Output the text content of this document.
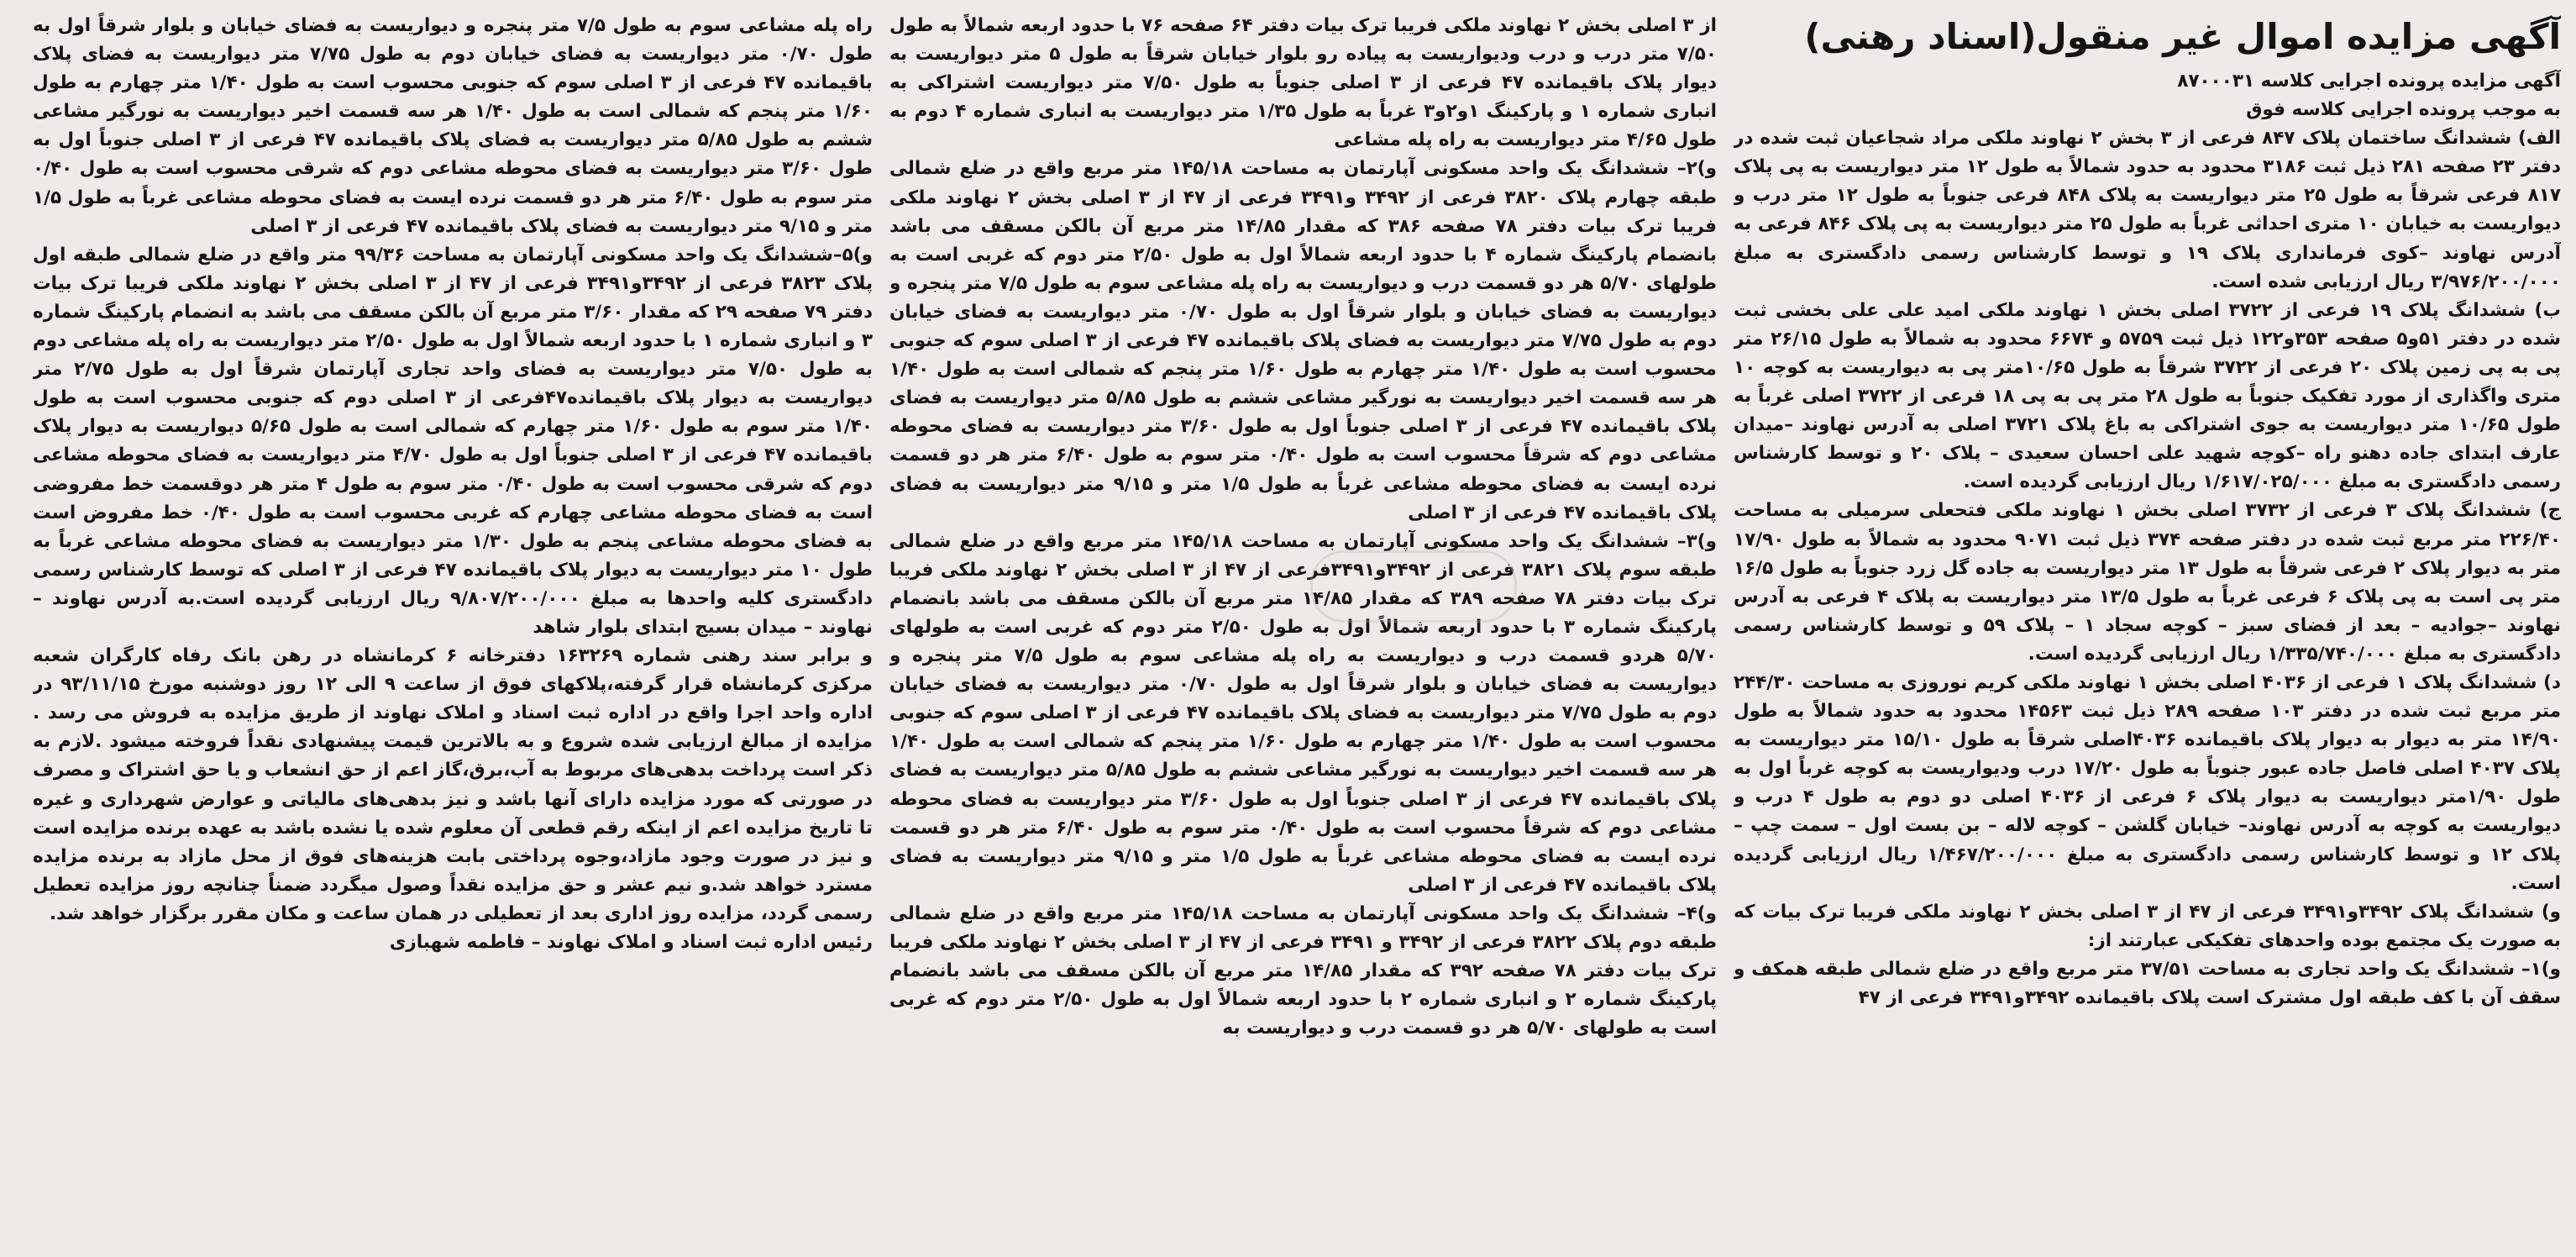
آگهی مزایده اموال غیر منقول(اسناد رهنی)

آگهی مزایده پرونده اجرایی کلاسه ۸۷۰۰۰۳۱

به موجب پرونده اجرایی کلاسه فوق

الف) ششدانگ ساختمان پلاک ۸۴۷ فرعی از ۳ بخش ۲ نهاوند ملکی مراد شجاعیان ثبت شده در دفتر ۲۳ صفحه ۲۸۱ ذیل ثبت ۳۱۸۶ محدود به حدود شمالاً به طول ۱۲ متر دیواریست به پی پلاک ۸۱۷ فرعی شرقاً به طول ۲۵ متر دیواریست به پلاک ۸۴۸ فرعی جنوباً به طول ۱۲ متر درب و دیواریست به خیابان ۱۰ متری احداثی غرباً به طول ۲۵ متر دیواریست به پی پلاک ۸۴۶ فرعی به آدرس نهاوند –کوی فرمانداری پلاک ۱۹ و توسط کارشناس رسمی دادگستری به مبلغ ۳/۹۷۶/۲۰۰/۰۰۰ ریال ارزیابی شده است.

ب) ششدانگ پلاک ۱۹ فرعی از ۳۷۲۲ اصلی بخش ۱ نهاوند ملکی امید علی علی بخشی ثبت شده در دفتر ۵۱و۵ صفحه ۳۵۳و۱۲۲ ذیل ثبت ۵۷۵۹ و ۶۶۷۴ محدود به شمالاً به طول ۲۶/۱۵ متر پی به پی زمین پلاک ۲۰ فرعی از ۳۷۲۲ شرقاً به طول ۱۰/۶۵متر پی به دیواریست به کوچه ۱۰ متری واگذاری از مورد تفکیک جنوباً به طول ۲۸ متر پی به پی ۱۸ فرعی از ۳۷۲۲ اصلی غرباً به طول ۱۰/۶۵ متر دیواریست به جوی اشتراکی به باغ پلاک ۳۷۲۱ اصلی به آدرس نهاوند –میدان عارف ابتدای جاده دهنو راه –کوچه شهید علی احسان سعیدی – پلاک ۲۰ و توسط کارشناس رسمی دادگستری به مبلغ ۱/۶۱۷/۰۲۵/۰۰۰ ریال ارزیابی گردیده است.

ج) ششدانگ پلاک ۳ فرعی از ۳۷۳۲ اصلی بخش ۱ نهاوند ملکی فتحعلی سرمیلی به مساحت ۲۲۶/۴۰ متر مربع ثبت شده در دفتر صفحه ۳۷۴ ذیل ثبت ۹۰۷۱ محدود به شمالاً به طول ۱۷/۹۰ متر به دیوار پلاک ۲ فرعی شرقاً به طول ۱۳ متر دیواریست به جاده گل زرد جنوباً به طول ۱۶/۵ متر پی است به پی پلاک ۶ فرعی غرباً به طول ۱۳/۵ متر دیواریست به پلاک ۴ فرعی به آدرس نهاوند –جوادیه – بعد از فضای سبز – کوچه سجاد ۱ – پلاک ۵۹ و توسط کارشناس رسمی دادگستری به مبلغ ۱/۳۳۵/۷۴۰/۰۰۰ ریال ارزیابی گردیده است.

د) ششدانگ پلاک ۱ فرعی از ۴۰۳۶ اصلی بخش ۱ نهاوند ملکی کریم نوروزی به مساحت ۲۴۴/۳۰ متر مربع ثبت شده در دفتر ۱۰۳ صفحه ۲۸۹ ذیل ثبت ۱۴۵۶۳ محدود به حدود شمالاً به طول ۱۴/۹۰ متر به دیوار به دیوار پلاک باقیمانده ۴۰۳۶اصلی شرقاً به طول ۱۵/۱۰ متر دیواریست به پلاک ۴۰۳۷ اصلی فاصل جاده عبور جنوباً به طول ۱۷/۲۰ درب ودیواریست به کوچه غرباً اول به طول ۱/۹۰متر دیواریست به دیوار پلاک ۶ فرعی از ۴۰۳۶ اصلی دو دوم به طول ۴ درب و دیواریست به کوچه به آدرس نهاوند– خیابان گلشن – کوچه لاله – بن بست اول – سمت چپ – پلاک ۱۲ و توسط کارشناس رسمی دادگستری به مبلغ ۱/۴۶۷/۲۰۰/۰۰۰ ریال ارزیابی گردیده است.

و) ششدانگ پلاک ۳۴۹۲و۳۴۹۱ فرعی از ۴۷ از ۳ اصلی بخش ۲ نهاوند ملکی فریبا ترک بیات که به صورت یک مجتمع بوده واحدهای تفکیکی عبارتند از:

و)۱– ششدانگ یک واحد تجاری به مساحت ۳۷/۵۱ متر مربع واقع در ضلع شمالی طبقه همکف و سقف آن با کف طبقه اول مشترک است پلاک باقیمانده ۳۴۹۲و۳۴۹۱ فرعی از ۴۷

از ۳ اصلی بخش ۲ نهاوند ملکی فریبا ترک بیات دفتر ۶۴ صفحه ۷۶ با حدود اربعه شمالاً به طول ۷/۵۰ متر درب و درب ودیواریست به پیاده رو بلوار خیابان شرقاً به طول ۵ متر دیواریست به دیوار پلاک باقیمانده ۴۷ فرعی از ۳ اصلی جنوباً به طول ۷/۵۰ متر دیواریست اشتراکی به انباری شماره ۱ و پارکینگ ۱و۲و۳ غرباً به طول ۱/۳۵ متر دیواریست به انباری شماره ۴ دوم به طول ۴/۶۵ متر دیواریست به راه پله مشاعی

و)۲– ششدانگ یک واحد مسکونی آپارتمان به مساحت ۱۴۵/۱۸ متر مربع واقع در ضلع شمالی طبقه چهارم پلاک ۳۸۲۰ فرعی از ۳۴۹۲ و۳۴۹۱ فرعی از ۴۷ از ۳ اصلی بخش ۲ نهاوند ملکی فریبا ترک بیات دفتر ۷۸ صفحه ۳۸۶ که مقدار ۱۴/۸۵ متر مربع آن بالکن مسقف می باشد بانضمام پارکینگ شماره ۴ با حدود اربعه شمالاً اول به طول ۲/۵۰ متر دوم که غربی است به طولهای ۵/۷۰ هر دو قسمت درب و دیواریست به راه پله مشاعی سوم به طول ۷/۵ متر پنجره و دیواریست به فضای خیابان و بلوار شرقاً اول به طول ۰/۷۰ متر دیواریست به فضای خیابان دوم به طول ۷/۷۵ متر دیواریست به فضای پلاک باقیمانده ۴۷ فرعی از ۳ اصلی سوم که جنوبی محسوب است به طول ۱/۴۰ متر چهارم به طول ۱/۶۰ متر پنجم که شمالی است به طول ۱/۴۰ هر سه قسمت اخیر دیواریست به نورگیر مشاعی ششم به طول ۵/۸۵ متر دیواریست به فضای پلاک باقیمانده ۴۷ فرعی از ۳ اصلی جنوباً اول به طول ۳/۶۰ متر دیواریست به فضای محوطه مشاعی دوم که شرقاً محسوب است به طول ۰/۴۰ متر سوم به طول ۶/۴۰ متر هر دو قسمت نرده ایست به فضای محوطه مشاعی غرباً به طول ۱/۵ متر و ۹/۱۵ متر دیواریست به فضای پلاک باقیمانده ۴۷ فرعی از ۳ اصلی

و)۳– ششدانگ یک واحد مسکونی آپارتمان به مساحت ۱۴۵/۱۸ متر مربع واقع در ضلع شمالی طبقه سوم پلاک ۳۸۲۱ فرعی از ۳۴۹۲و۳۴۹۱فرعی از ۴۷ از ۳ اصلی بخش ۲ نهاوند ملکی فریبا ترک بیات دفتر ۷۸ صفحه ۳۸۹ که مقدار ۱۴/۸۵ متر مربع آن بالکن مسقف می باشد بانضمام پارکینگ شماره ۳ با حدود اربعه شمالاً اول به طول ۲/۵۰ متر دوم که غربی است به طولهای ۵/۷۰ هردو قسمت درب و دیواریست به راه پله مشاعی سوم به طول ۷/۵ متر پنجره و دیواریست به فضای خیابان و بلوار شرقاً اول به طول ۰/۷۰ متر دیواریست به فضای خیابان دوم به طول ۷/۷۵ متر دیواریست به فضای پلاک باقیمانده ۴۷ فرعی از ۳ اصلی سوم که جنوبی محسوب است به طول ۱/۴۰ متر چهارم به طول ۱/۶۰ متر پنجم که شمالی است به طول ۱/۴۰ هر سه قسمت اخیر دیواریست به نورگیر مشاعی ششم به طول ۵/۸۵ متر دیواریست به فضای پلاک باقیمانده ۴۷ فرعی از ۳ اصلی جنوباً اول به طول ۳/۶۰ متر دیواریست به فضای محوطه مشاعی دوم که شرقاً محسوب است به طول ۰/۴۰ متر سوم به طول ۶/۴۰ متر هر دو قسمت نرده ایست به فضای محوطه مشاعی غرباً به طول ۱/۵ متر و ۹/۱۵ متر دیواریست به فضای پلاک باقیمانده ۴۷ فرعی از ۳ اصلی

و)۴– ششدانگ یک واحد مسکونی آپارتمان به مساحت ۱۴۵/۱۸ متر مربع واقع در ضلع شمالی طبقه دوم پلاک ۳۸۲۲ فرعی از ۳۴۹۲ و ۳۴۹۱ فرعی از ۴۷ از ۳ اصلی بخش ۲ نهاوند ملکی فریبا ترک بیات دفتر ۷۸ صفحه ۳۹۲ که مقدار ۱۴/۸۵ متر مربع آن بالکن مسقف می باشد بانضمام پارکینگ شماره ۲ و انباری شماره ۲ با حدود اربعه شمالاً اول به طول ۲/۵۰ متر دوم که غربی است به طولهای ۵/۷۰ هر دو قسمت درب و دیواریست به

راه پله مشاعی سوم به طول ۷/۵ متر پنجره و دیواریست به فضای خیابان و بلوار شرقاً اول به طول ۰/۷۰ متر دیواریست به فضای خیابان دوم به طول ۷/۷۵ متر دیواریست به فضای پلاک باقیمانده ۴۷ فرعی از ۳ اصلی سوم که جنوبی محسوب است به طول ۱/۴۰ متر چهارم به طول ۱/۶۰ متر پنجم که شمالی است به طول ۱/۴۰ هر سه قسمت اخیر دیواریست به نورگیر مشاعی ششم به طول ۵/۸۵ متر دیواریست به فضای پلاک باقیمانده ۴۷ فرعی از ۳ اصلی جنوباً اول به طول ۳/۶۰ متر دیواریست به فضای محوطه مشاعی دوم که شرقی محسوب است به طول ۰/۴۰ متر سوم به طول ۶/۴۰ متر هر دو قسمت نرده ایست به فضای محوطه مشاعی غرباً به طول ۱/۵ متر و ۹/۱۵ متر دیواریست به فضای پلاک باقیمانده ۴۷ فرعی از ۳ اصلی

و)۵–ششدانگ یک واحد مسکونی آپارتمان به مساحت ۹۹/۳۶ متر واقع در ضلع شمالی طبقه اول پلاک ۳۸۲۳ فرعی از ۳۴۹۲و۳۴۹۱ فرعی از ۴۷ از ۳ اصلی بخش ۲ نهاوند ملکی فریبا ترک بیات دفتر ۷۹ صفحه ۲۹ که مقدار ۳/۶۰ متر مربع آن بالکن مسقف می باشد به انضمام پارکینگ شماره ۳ و انباری شماره ۱ با حدود اربعه شمالاً اول به طول ۲/۵۰ متر دیواریست به راه پله مشاعی دوم به طول ۷/۵۰ متر دیواریست به فضای واحد تجاری آپارتمان شرقاً اول به طول ۲/۷۵ متر دیواریست به دیوار پلاک باقیمانده۴۷فرعی از ۳ اصلی دوم که جنوبی محسوب است به طول ۱/۴۰ متر سوم به طول ۱/۶۰ متر چهارم که شمالی است به طول ۵/۶۵ دیواریست به دیوار پلاک باقیمانده ۴۷ فرعی از ۳ اصلی جنوباً اول به طول ۴/۷۰ متر دیواریست به فضای محوطه مشاعی دوم که شرقی محسوب است به طول ۰/۴۰ متر سوم به طول ۴ متر هر دوقسمت خط مفروضی است به فضای محوطه مشاعی چهارم که غربی محسوب است به طول ۰/۴۰ خط مفروض است به فضای محوطه مشاعی پنجم به طول ۱/۳۰ متر دیواریست به فضای محوطه مشاعی غرباً به طول ۱۰ متر دیواریست به دیوار پلاک باقیمانده ۴۷ فرعی از ۳ اصلی که توسط کارشناس رسمی دادگستری کلیه واحدها به مبلغ ۹/۸۰۷/۲۰۰/۰۰۰ ریال ارزیابی گردیده است.به آدرس نهاوند – نهاوند – میدان بسیج ابتدای بلوار شاهد

و برابر سند رهنی شماره ۱۶۳۲۶۹ دفترخانه ۶ کرمانشاه در رهن بانک رفاه کارگران شعبه مرکزی کرمانشاه قرار گرفته،پلاکهای فوق از ساعت ۹ الی ۱۲ روز دوشنبه مورخ ۹۳/۱۱/۱۵ در اداره واحد اجرا واقع در اداره ثبت اسناد و املاک نهاوند از طریق مزایده به فروش می رسد . مزایده از مبالغ ارزیابی شده شروع و به بالاترین قیمت پیشنهادی نقداً فروخته میشود .لازم به ذکر است پرداخت بدهی‌های مربوط به آب،برق،گاز اعم از حق انشعاب و یا حق اشتراک و مصرف در صورتی که مورد مزایده دارای آنها باشد و نیز بدهی‌های مالیاتی و عوارض شهرداری و غیره تا تاریخ مزایده اعم از اینکه رقم قطعی آن معلوم شده یا نشده باشد به عهده برنده مزایده است و نیز در صورت وجود مازاد،وجوه پرداختی بابت هزینه‌های فوق از محل مازاد به برنده مزایده مسترد خواهد شد.و نیم عشر و حق مزایده نقداً وصول میگردد ضمناً چنانچه روز مزایده تعطیل رسمی گردد، مزایده روز اداری بعد از تعطیلی در همان ساعت و مکان مقرر برگزار خواهد شد.

رئیس اداره ثبت اسناد و املاک نهاوند – فاطمه شهبازی
